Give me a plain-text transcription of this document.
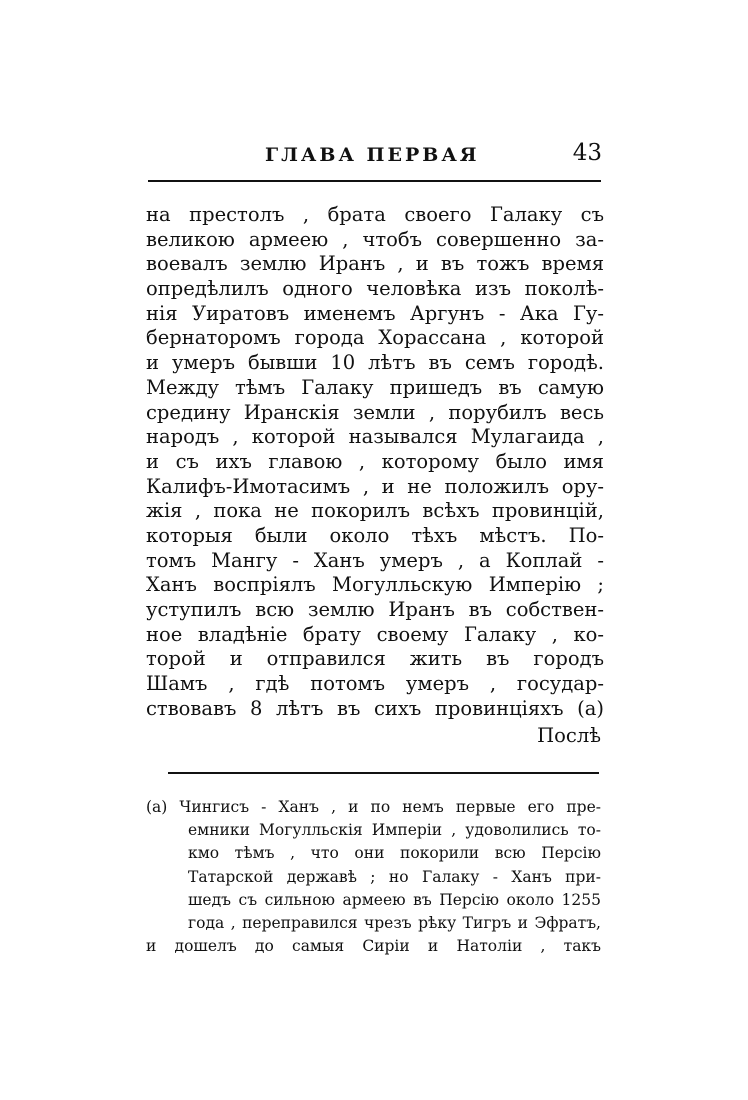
ГЛАВА ПЕРВАЯ	43
на престолъ , брата своего Галаку съ
великою армеею , чтобъ совершенно за-
воевалъ землю Иранъ , и въ тожъ время
опредѣлилъ одного человѣка изъ поколѣ-
нія Уиратовъ именемъ Аргунъ - Ака Гу-
бернаторомъ города Хорассана , которой
и умеръ бывши 10 лѣтъ въ семъ городѣ.
Между тѣмъ Галаку пришедъ въ самую
средину Иранскія земли , порубилъ весь
народъ , которой назывался Мулагаида ,
и съ ихъ главою , которому было имя
Калифъ-Имотасимъ , и не положилъ ору-
жія , пока не покорилъ всѣхъ провинцій,
которыя были около тѣхъ мѣстъ. По-
томъ Мангу - Ханъ умеръ , а Коплай -
Ханъ воспріялъ Могулльскую Имперію ;
уступилъ всю землю Иранъ въ собствен-
ное владѣніе брату своему Галаку , ко-
торой и отправился жить въ городъ
Шамъ , гдѣ потомъ умеръ , государ-
ствовавъ 8 лѣтъ въ сихъ провинціяхъ (а)
Послѣ
(а) Чингисъ - Ханъ , и по немъ первые его пре-
емники Могулльскія Имперіи , удоволились то-
кмо тѣмъ , что они покорили всю Персію
Татарской державѣ ; но Галаку - Ханъ при-
шедъ съ сильною армеею въ Персію около 1255
года , переправился чрезъ рѣку Тигръ и Эфратъ,
и дошелъ до самыя Сиріи и Натоліи , такъ
